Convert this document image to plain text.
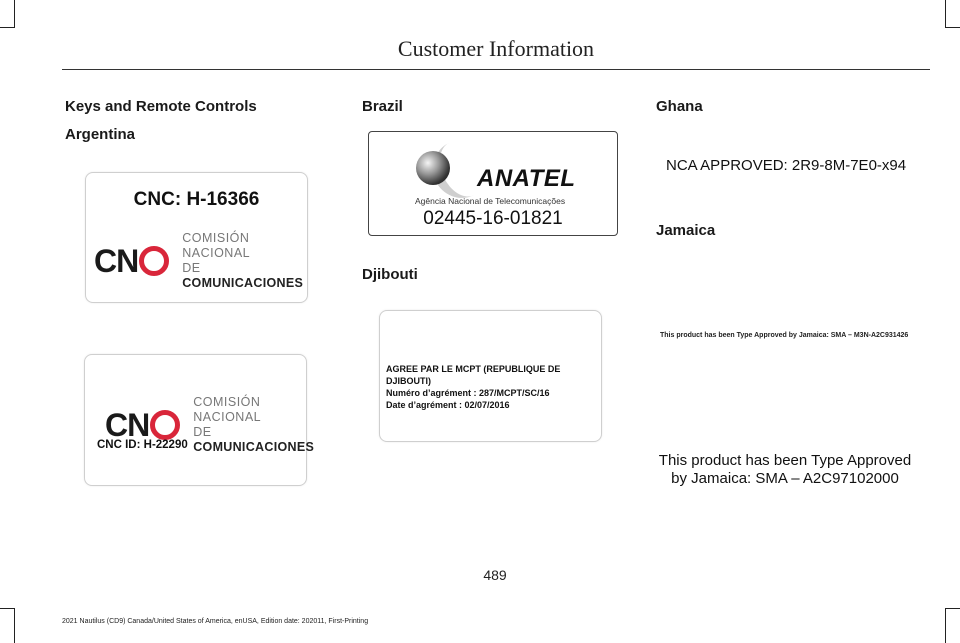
Customer Information
Keys and Remote Controls
Argentina
CNC: H-16366
CN
COMISIÓN NACIONAL
DE COMUNICACIONES
CN
COMISIÓN NACIONAL
DE COMUNICACIONES
CNC ID: H-22290
Brazil
ANATEL
Agência Nacional de Telecomunicações
02445-16-01821
Djibouti
AGREE PAR LE MCPT (REPUBLIQUE DE DJIBOUTI)
Numéro d’agrément : 287/MCPT/SC/16
Date d’agrément : 02/07/2016
Ghana
NCA APPROVED: 2R9-8M-7E0-x94
Jamaica
This product has been Type Approved by Jamaica: SMA – M3N-A2C931426
This product has been Type Approved
by Jamaica: SMA – A2C97102000
489
2021 Nautilus (CD9) Canada/United States of America, enUSA, Edition date: 202011, First-Printing
